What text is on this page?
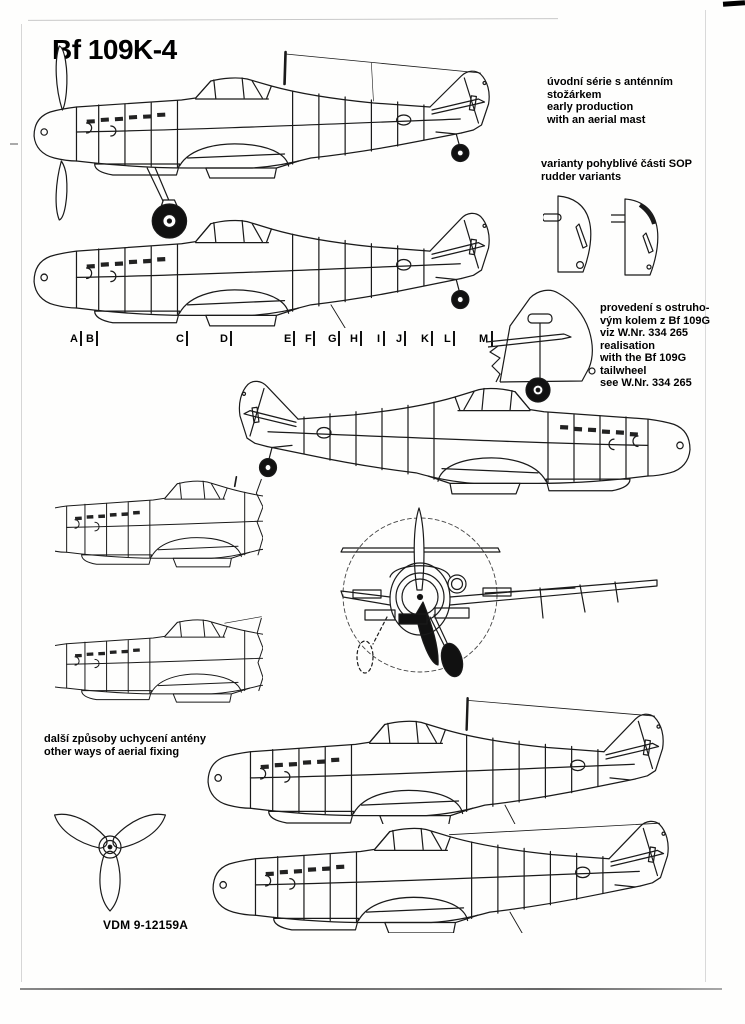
Bf 109K-4
úvodní série s anténním
stožárkem
early production
with an aerial mast
varianty pohyblivé části SOP
rudder variants
provedení s ostruho-
vým kolem z Bf 109G
viz W.Nr. 334 265
realisation
with the Bf 109G
tailwheel
see W.Nr. 334 265
další způsoby uchycení antény
other ways of aerial fixing
VDM 9-12159A
A B	C	D	E F G H I J K L	M
